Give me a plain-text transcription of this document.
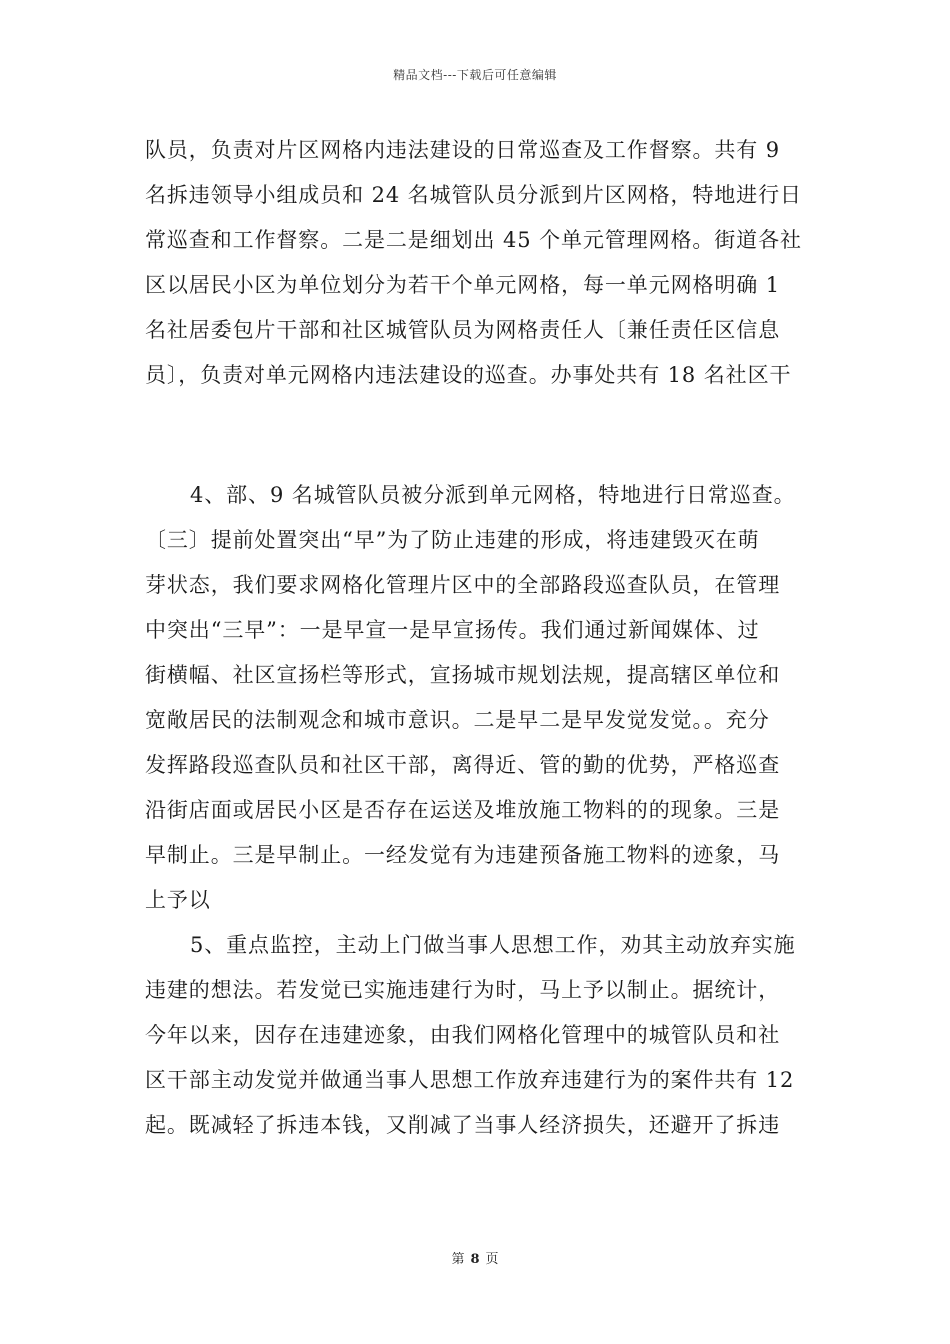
精品文档---下载后可任意编辑
队员，负责对片区网格内违法建设的日常巡查及工作督察。共有 9
名拆违领导小组成员和 24 名城管队员分派到片区网格，特地进行日
常巡查和工作督察。二是二是细划出 45 个单元管理网格。街道各社
区以居民小区为单位划分为若干个单元网格，每一单元网格明确 1
名社居委包片干部和社区城管队员为网格责任人〔兼任责任区信息
员〕，负责对单元网格内违法建设的巡查。办事处共有 18 名社区干
4、部、9 名城管队员被分派到单元网格，特地进行日常巡查。
〔三〕提前处置突出“早”为了防止违建的形成，将违建毁灭在萌
芽状态，我们要求网格化管理片区中的全部路段巡查队员，在管理
中突出“三早”：一是早宣一是早宣扬传。我们通过新闻媒体、过
街横幅、社区宣扬栏等形式，宣扬城市规划法规，提高辖区单位和
宽敞居民的法制观念和城市意识。二是早二是早发觉发觉。。充分
发挥路段巡查队员和社区干部，离得近、管的勤的优势，严格巡查
沿街店面或居民小区是否存在运送及堆放施工物料的的现象。三是
早制止。三是早制止。一经发觉有为违建预备施工物料的迹象，马
上予以
5、重点监控，主动上门做当事人思想工作，劝其主动放弃实施
违建的想法。若发觉已实施违建行为时，马上予以制止。据统计，
今年以来，因存在违建迹象，由我们网格化管理中的城管队员和社
区干部主动发觉并做通当事人思想工作放弃违建行为的案件共有 12
起。既减轻了拆违本钱，又削减了当事人经济损失，还避开了拆违
第 8 页
